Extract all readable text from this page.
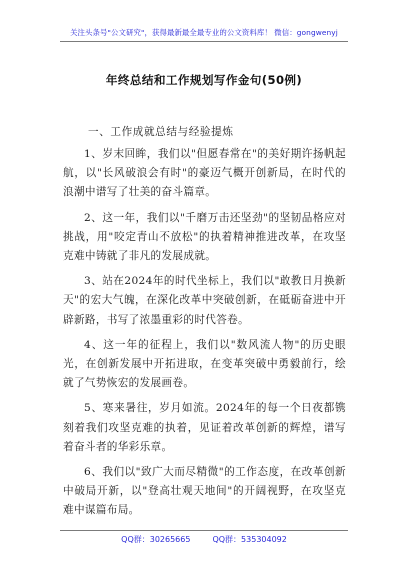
关注头条号"公文研究"，获得最新最全最专业的公文资料库！ 微信：gongwenyj
年终总结和工作规划写作金句(50例)
一、工作成就总结与经验提炼

1、岁末回眸，我们以"但愿春常在"的美好期许扬帆起航，以"长风破浪会有时"的豪迈气概开创新局，在时代的浪潮中谱写了壮美的奋斗篇章。

2、这一年，我们以"千磨万击还坚劲"的坚韧品格应对挑战，用"咬定青山不放松"的执着精神推进改革，在攻坚克难中铸就了非凡的发展成就。

3、站在2024年的时代坐标上，我们以"敢教日月换新天"的宏大气魄，在深化改革中突破创新，在砥砺奋进中开辟新路，书写了浓墨重彩的时代答卷。

4、这一年的征程上，我们以"数风流人物"的历史眼光，在创新发展中开拓进取，在变革突破中勇毅前行，绘就了气势恢宏的发展画卷。

5、寒来暑往，岁月如流。2024年的每一个日夜都镌刻着我们攻坚克难的执着，见证着改革创新的辉煌，谱写着奋斗者的华彩乐章。

6、我们以"致广大而尽精微"的工作态度，在改革创新中破局开新，以"登高壮观天地间"的开阔视野，在攻坚克难中谋篇布局。

QQ群：30265665	QQ群：535304092
